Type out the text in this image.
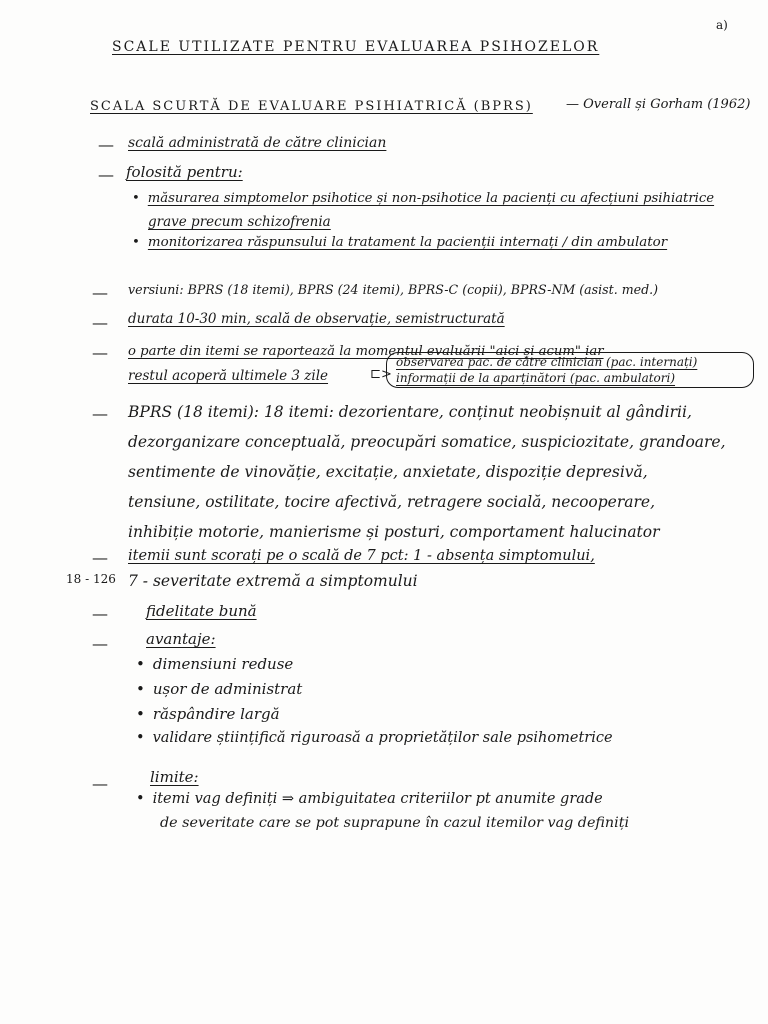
a)
SCALE UTILIZATE PENTRU EVALUAREA PSIHOZELOR
SCALA SCURTĂ DE EVALUARE PSIHIATRICĂ (BPRS)	— Overall și Gorham (1962)
— scală administrată de către clinician
— folosită pentru:
• măsurarea simptomelor psihotice și non-psihotice la pacienți cu afecțiuni psihiatrice
grave precum schizofrenia
• monitorizarea răspunsului la tratament la pacienții internați / din ambulator
— versiuni: BPRS (18 itemi), BPRS (24 itemi), BPRS-C (copii), BPRS-NM (asist. med.)
— durata 10-30 min, scală de observație, semistructurată
— o parte din itemi se raportează la momentul evaluării "aici și acum" iar
restul acoperă ultimele 3 zile	⊏>
observarea pac. de către clinician (pac. internați)
informații de la aparținători (pac. ambulatori)
— BPRS (18 itemi): 18 itemi: dezorientare, conținut neobișnuit al gândirii,
dezorganizare conceptuală, preocupări somatice, suspiciozitate, grandoare,
sentimente de vinovăție, excitație, anxietate, dispoziție depresivă,
tensiune, ostilitate, tocire afectivă, retragere socială, necooperare,
inhibiție motorie, manierisme și posturi, comportament halucinator
— itemii sunt scorați pe o scală de 7 pct: 1 - absența simptomului,
18 - 126 7 - severitate extremă a simptomului
—	fidelitate bună
—	avantaje:
• dimensiuni reduse
• ușor de administrat
• răspândire largă
• validare științifică riguroasă a proprietăților sale psihometrice
—	limite:
• itemi vag definiți ⇒ ambiguitatea criteriilor pt anumite grade
de severitate care se pot suprapune în cazul itemilor vag definiți
